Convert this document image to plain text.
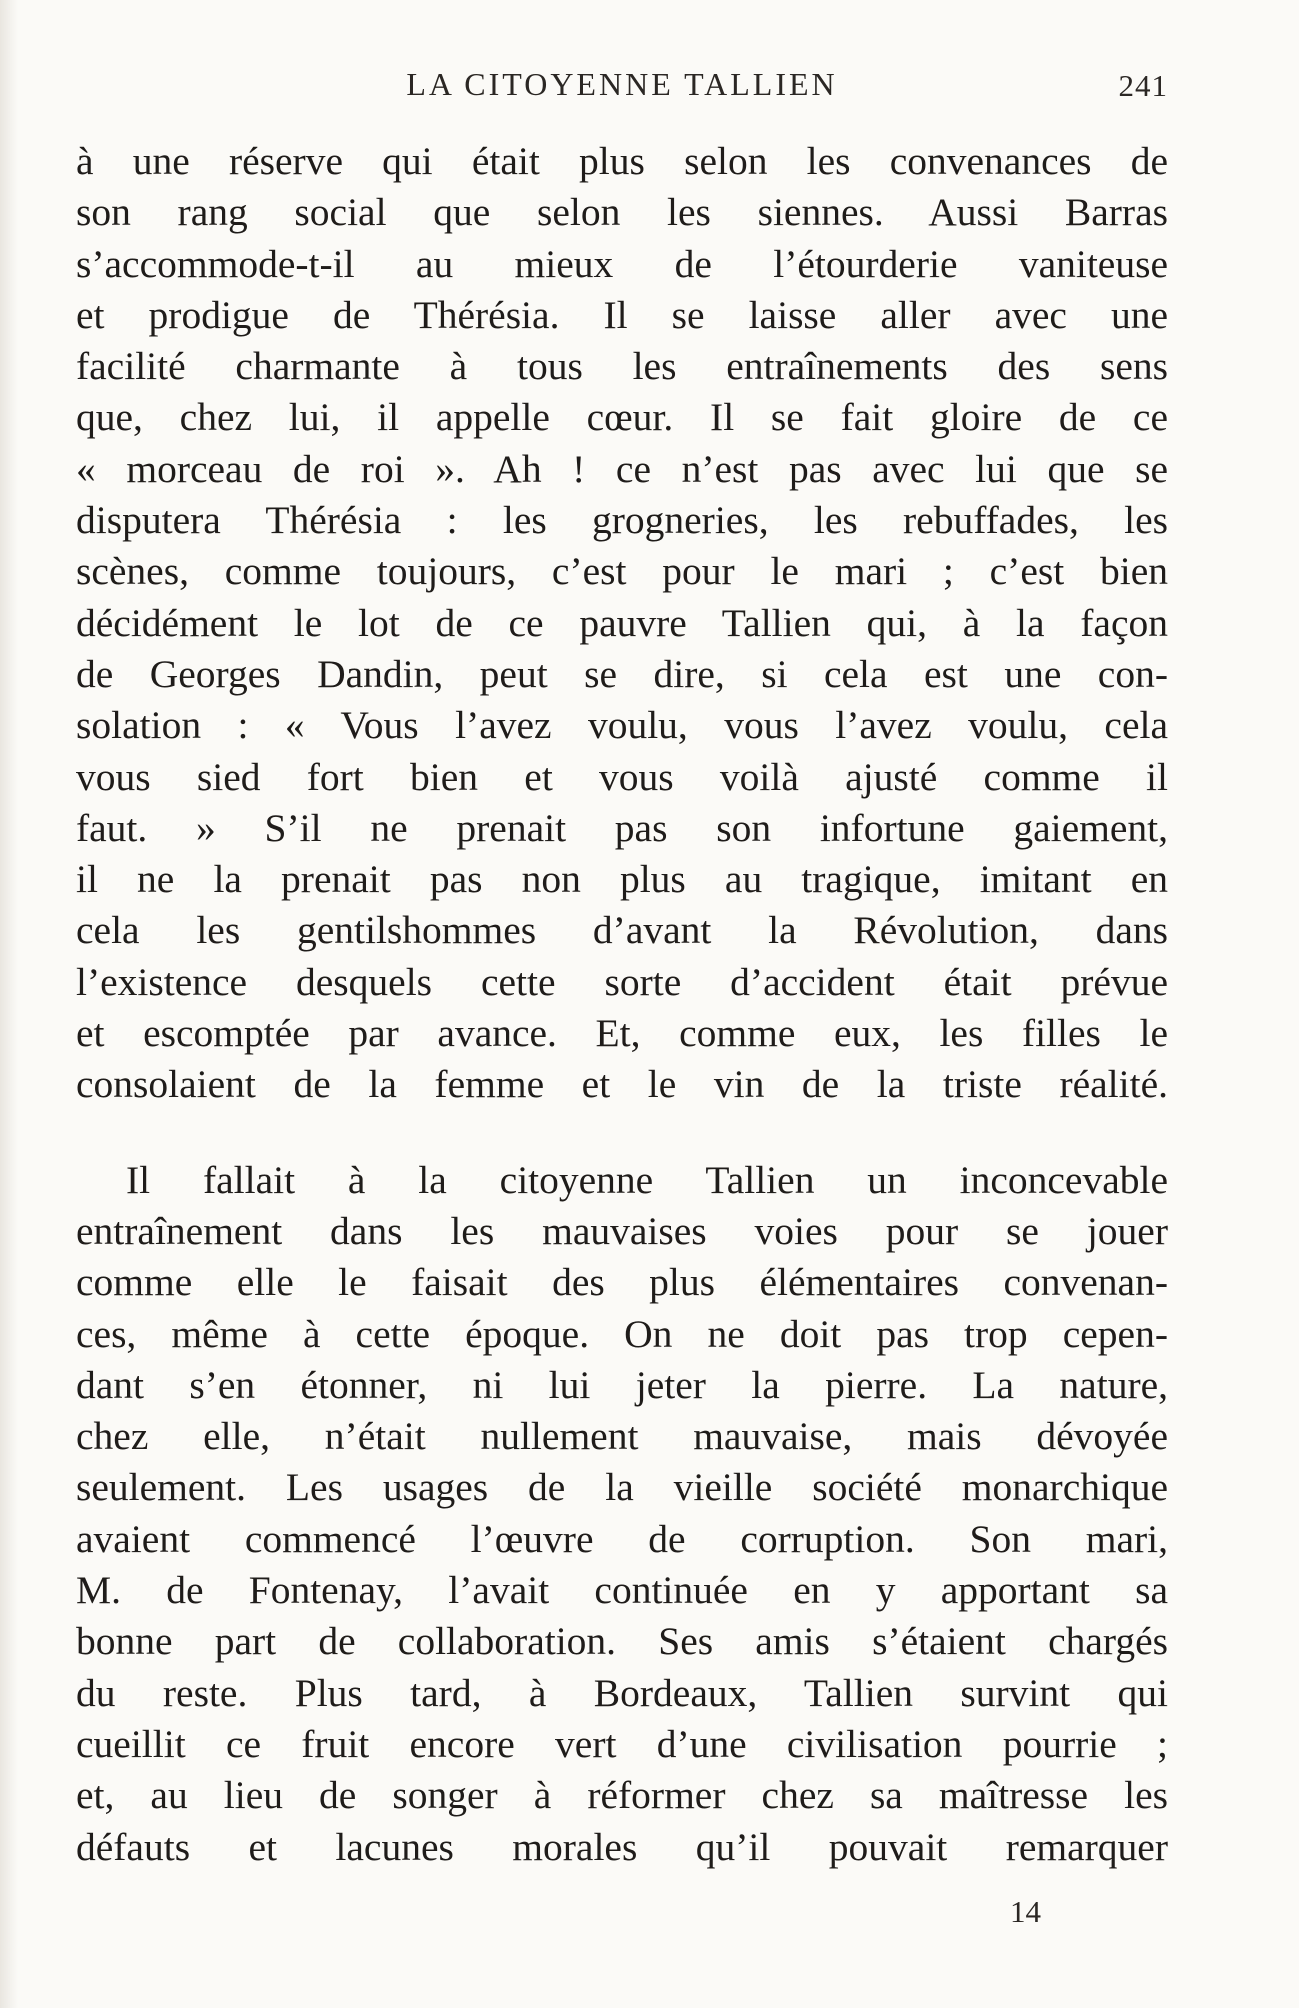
LA CITOYENNE TALLIEN	241

à une réserve qui était plus selon les convenances de
son rang social que selon les siennes. Aussi Barras
s’accommode-t-il au mieux de l’étourderie vaniteuse
et prodigue de Thérésia. Il se laisse aller avec une
facilité charmante à tous les entraînements des sens
que, chez lui, il appelle cœur. Il se fait gloire de ce
« morceau de roi ». Ah ! ce n’est pas avec lui que se
disputera Thérésia : les grogneries, les rebuffades, les
scènes, comme toujours, c’est pour le mari ; c’est bien
décidément le lot de ce pauvre Tallien qui, à la façon
de Georges Dandin, peut se dire, si cela est une con-
solation : « Vous l’avez voulu, vous l’avez voulu, cela
vous sied fort bien et vous voilà ajusté comme il
faut. » S’il ne prenait pas son infortune gaiement,
il ne la prenait pas non plus au tragique, imitant en
cela les gentilshommes d’avant la Révolution, dans
l’existence desquels cette sorte d’accident était prévue
et escomptée par avance. Et, comme eux, les filles le
consolaient de la femme et le vin de la triste réalité.

Il fallait à la citoyenne Tallien un inconcevable
entraînement dans les mauvaises voies pour se jouer
comme elle le faisait des plus élémentaires convenan-
ces, même à cette époque. On ne doit pas trop cepen-
dant s’en étonner, ni lui jeter la pierre. La nature,
chez elle, n’était nullement mauvaise, mais dévoyée
seulement. Les usages de la vieille société monarchique
avaient commencé l’œuvre de corruption. Son mari,
M. de Fontenay, l’avait continuée en y apportant sa
bonne part de collaboration. Ses amis s’étaient chargés
du reste. Plus tard, à Bordeaux, Tallien survint qui
cueillit ce fruit encore vert d’une civilisation pourrie ;
et, au lieu de songer à réformer chez sa maîtresse les
défauts et lacunes morales qu’il pouvait remarquer

14
